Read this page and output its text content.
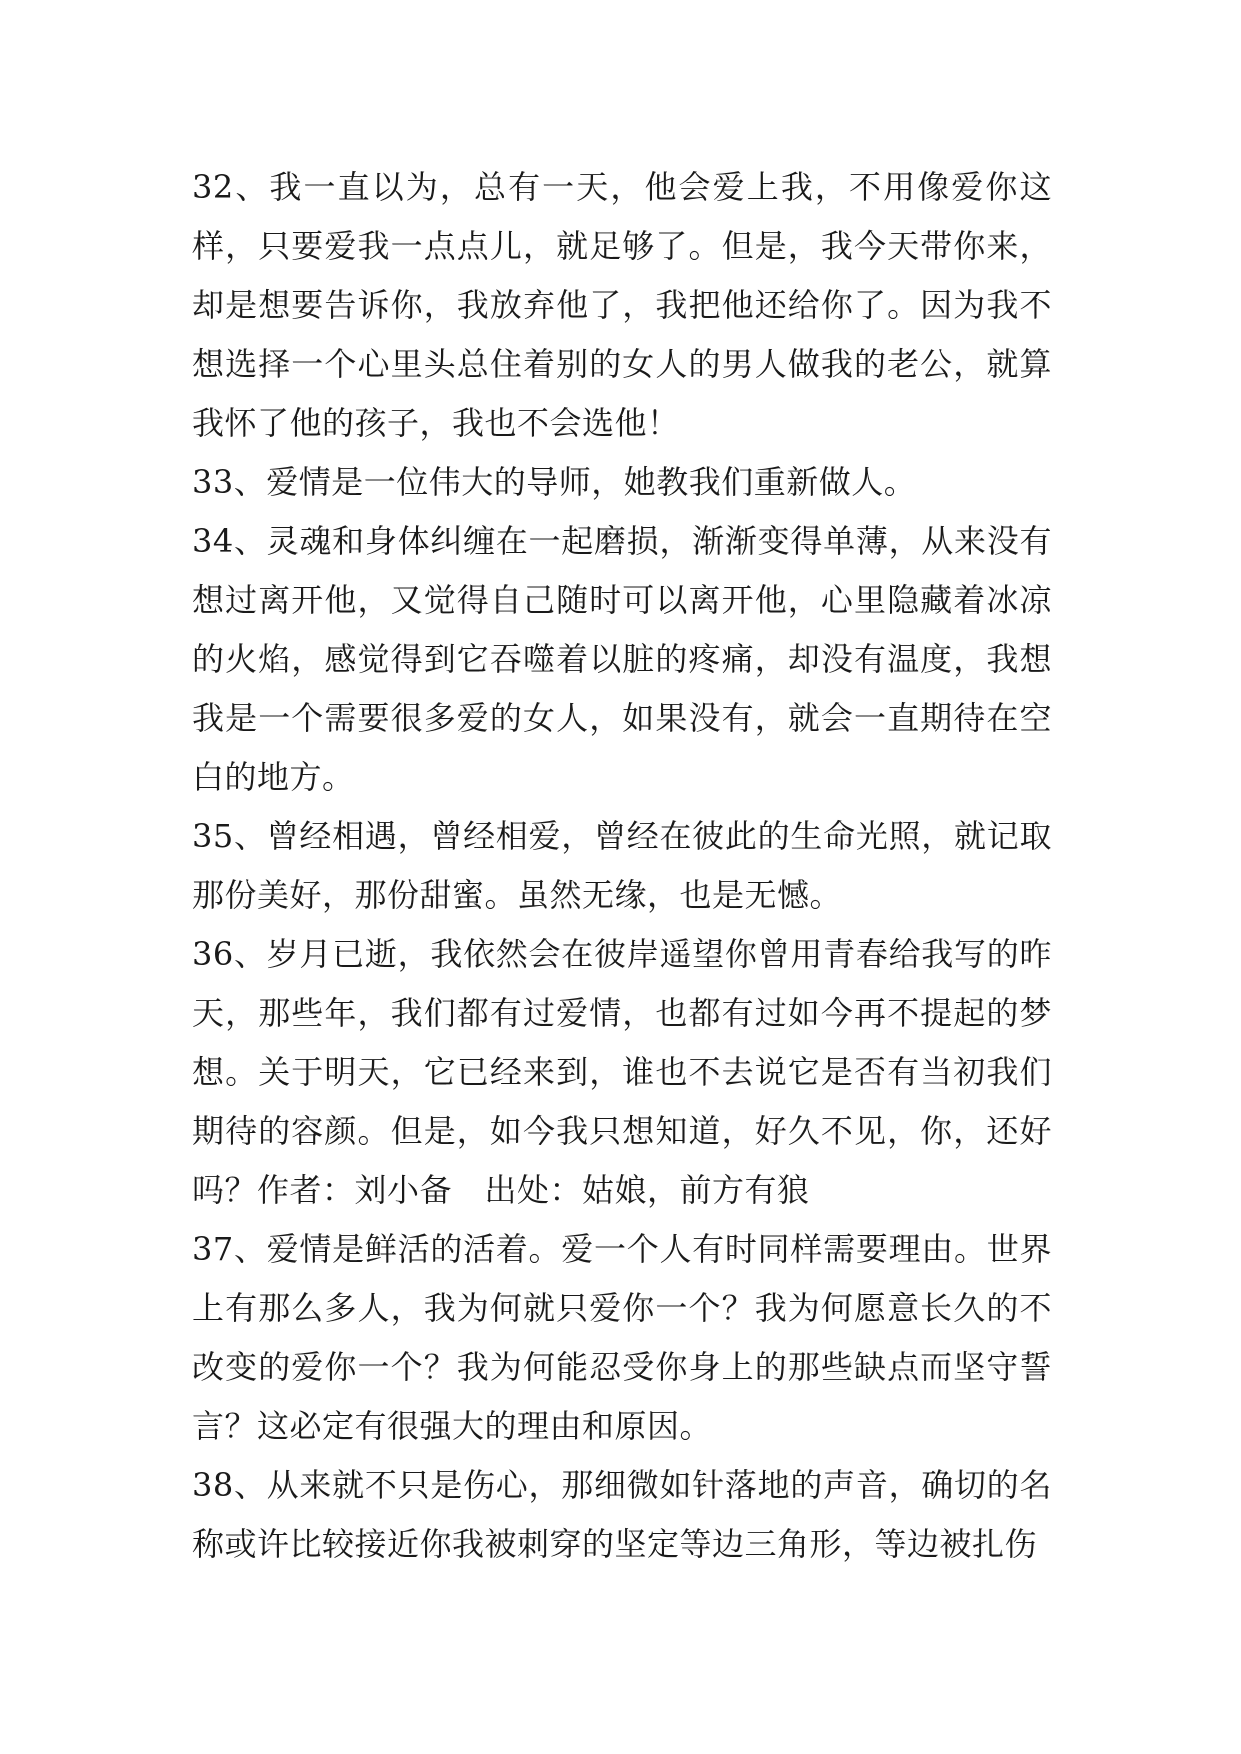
32、我一直以为，总有一天，他会爱上我，不用像爱你这样，只要爱我一点点儿，就足够了。但是，我今天带你来，却是想要告诉你，我放弃他了，我把他还给你了。因为我不想选择一个心里头总住着别的女人的男人做我的老公，就算我怀了他的孩子，我也不会选他！

33、爱情是一位伟大的导师，她教我们重新做人。

34、灵魂和身体纠缠在一起磨损，渐渐变得单薄，从来没有想过离开他，又觉得自己随时可以离开他，心里隐藏着冰凉的火焰，感觉得到它吞噬着以脏的疼痛，却没有温度，我想我是一个需要很多爱的女人，如果没有，就会一直期待在空白的地方。

35、曾经相遇，曾经相爱，曾经在彼此的生命光照，就记取那份美好，那份甜蜜。虽然无缘，也是无憾。

36、岁月已逝，我依然会在彼岸遥望你曾用青春给我写的昨天，那些年，我们都有过爱情，也都有过如今再不提起的梦想。关于明天，它已经来到，谁也不去说它是否有当初我们期待的容颜。但是，如今我只想知道，好久不见，你，还好吗？作者：刘小备　出处：姑娘，前方有狼

37、爱情是鲜活的活着。爱一个人有时同样需要理由。世界上有那么多人，我为何就只爱你一个？我为何愿意长久的不改变的爱你一个？我为何能忍受你身上的那些缺点而坚守誓言？这必定有很强大的理由和原因。

38、从来就不只是伤心，那细微如针落地的声音，确切的名称或许比较接近你我被刺穿的坚定等边三角形，等边被扎伤
